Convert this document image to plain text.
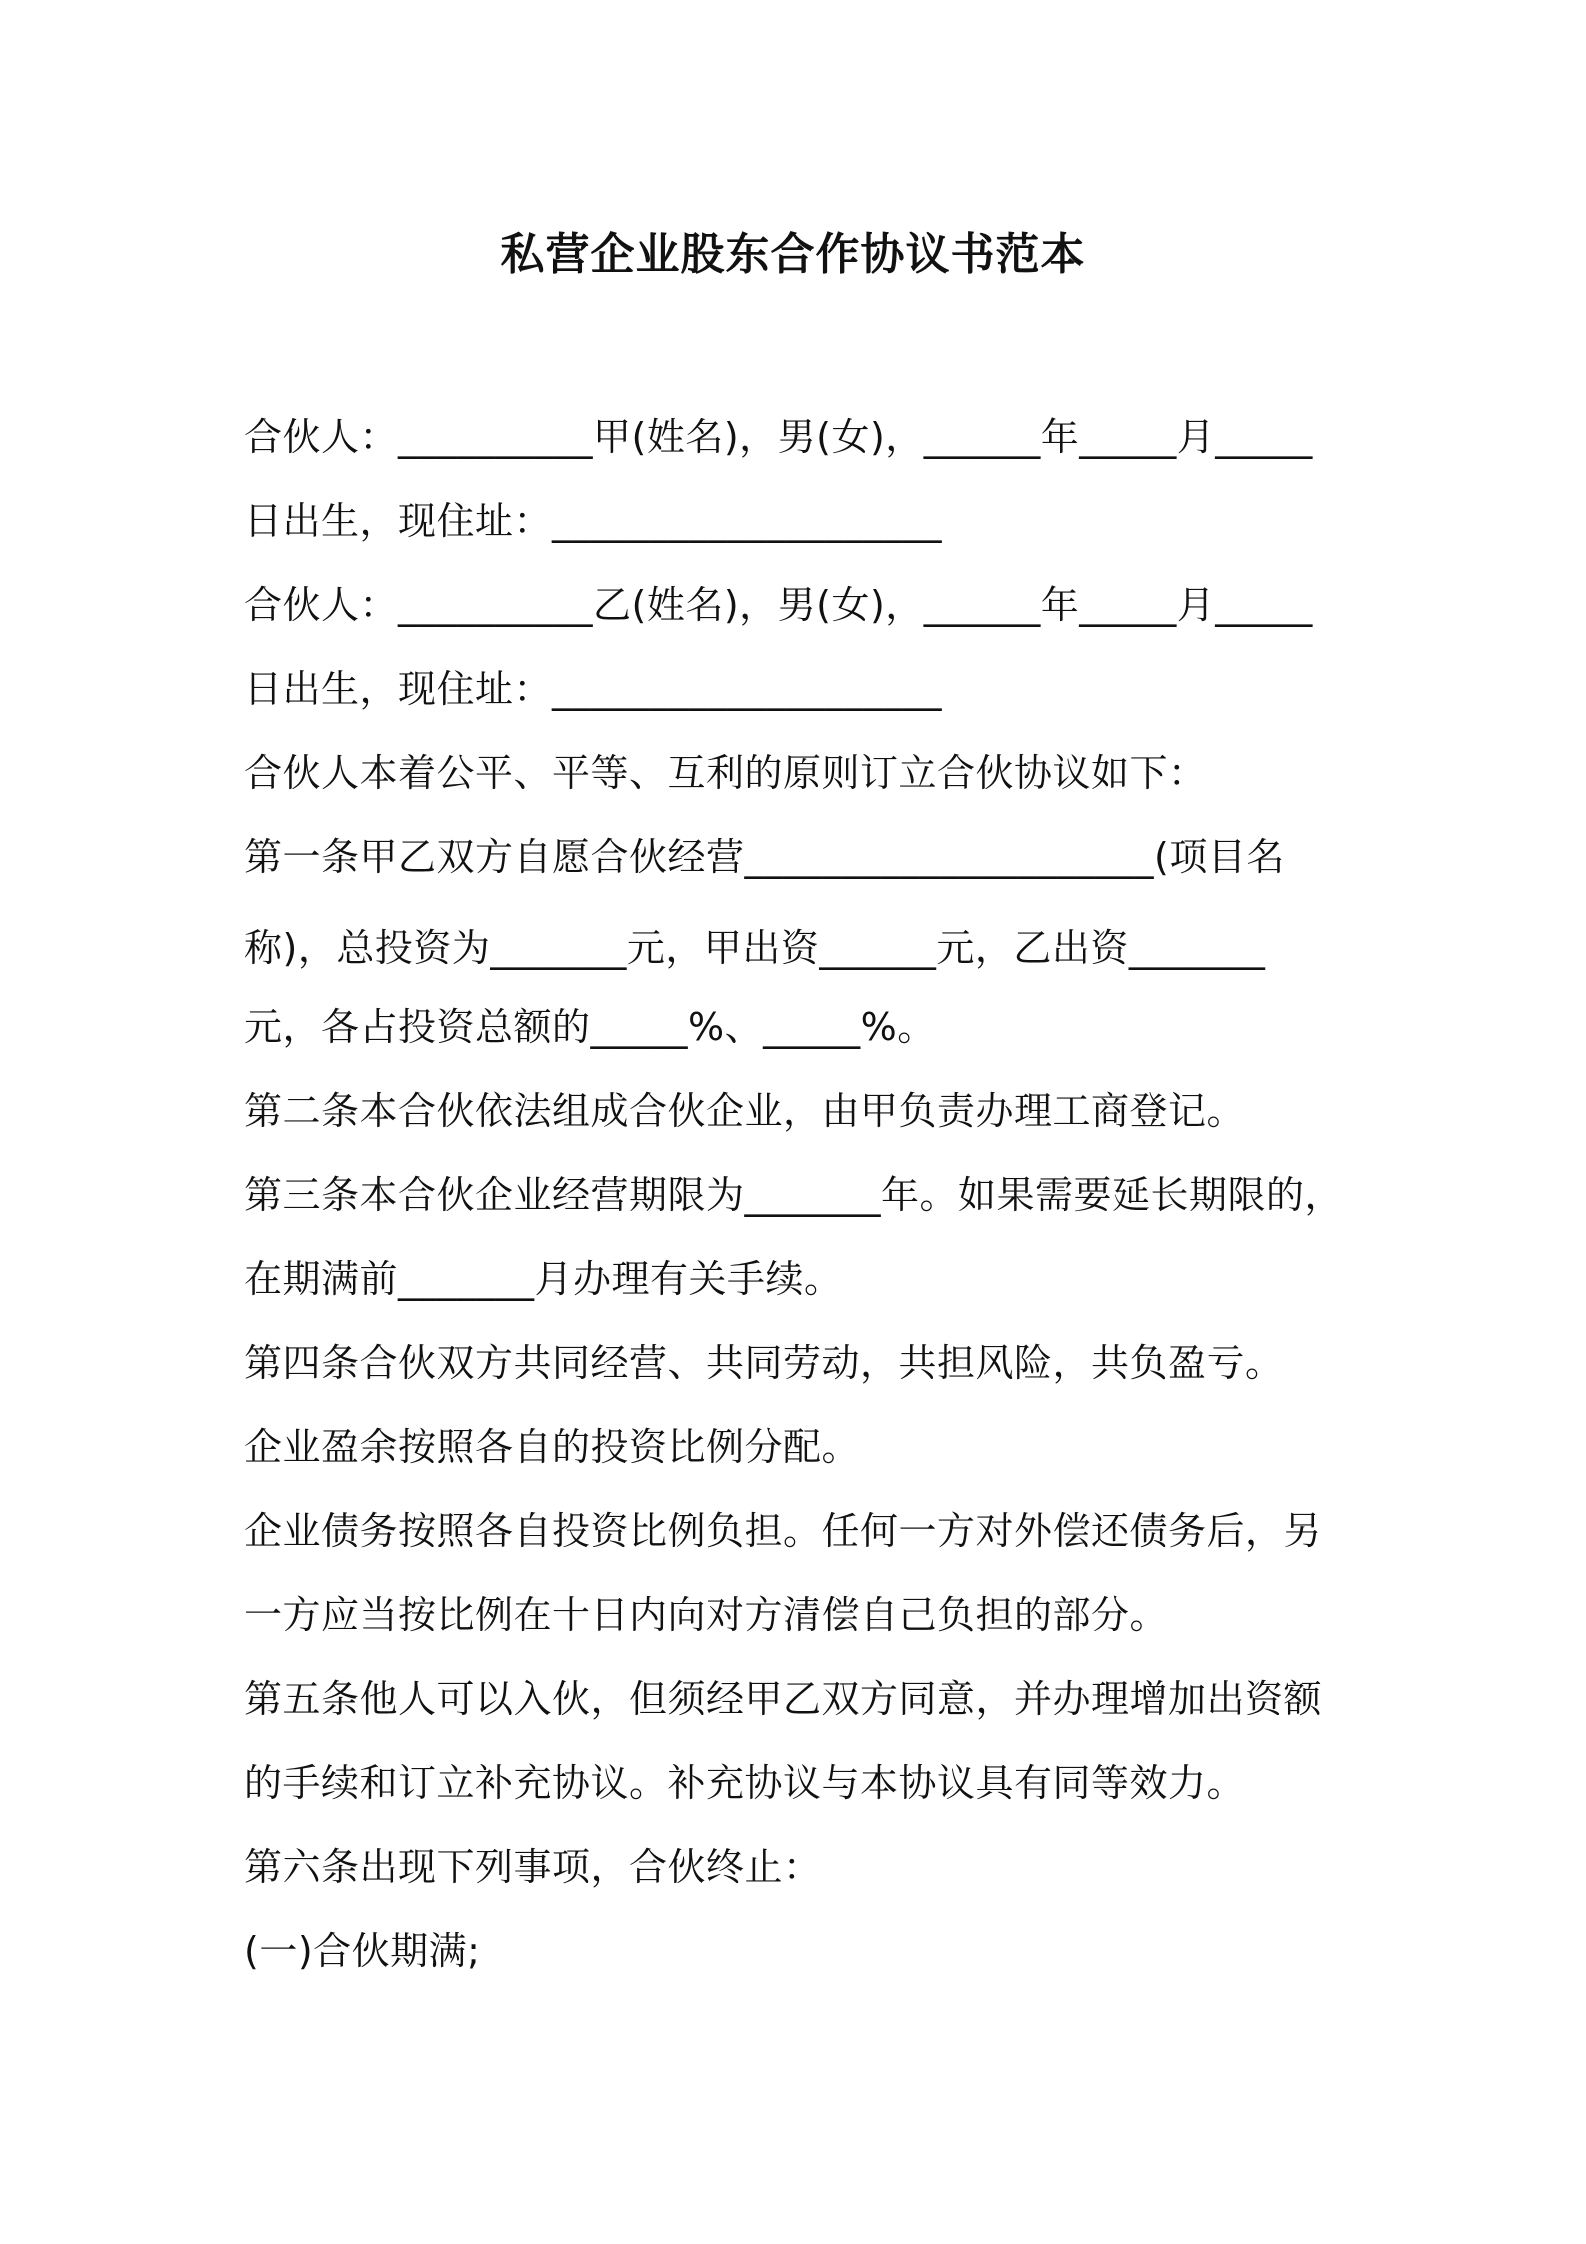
私营企业股东合作协议书范本
合伙人：__________甲(姓名)，男(女)，______年_____月_____
日出生，现住址：____________________
合伙人：__________乙(姓名)，男(女)，______年_____月_____
日出生，现住址：____________________
合伙人本着公平、平等、互利的原则订立合伙协议如下：
第一条甲乙双方自愿合伙经营_____________________(项目名
称)，总投资为_______元，甲出资______元，乙出资_______
元，各占投资总额的_____%、_____%。
第二条本合伙依法组成合伙企业，由甲负责办理工商登记。
第三条本合伙企业经营期限为_______年。如果需要延长期限的，
在期满前_______月办理有关手续。
第四条合伙双方共同经营、共同劳动，共担风险，共负盈亏。
企业盈余按照各自的投资比例分配。
企业债务按照各自投资比例负担。任何一方对外偿还债务后，另
一方应当按比例在十日内向对方清偿自己负担的部分。
第五条他人可以入伙，但须经甲乙双方同意，并办理增加出资额
的手续和订立补充协议。补充协议与本协议具有同等效力。
第六条出现下列事项，合伙终止：
(一)合伙期满;
